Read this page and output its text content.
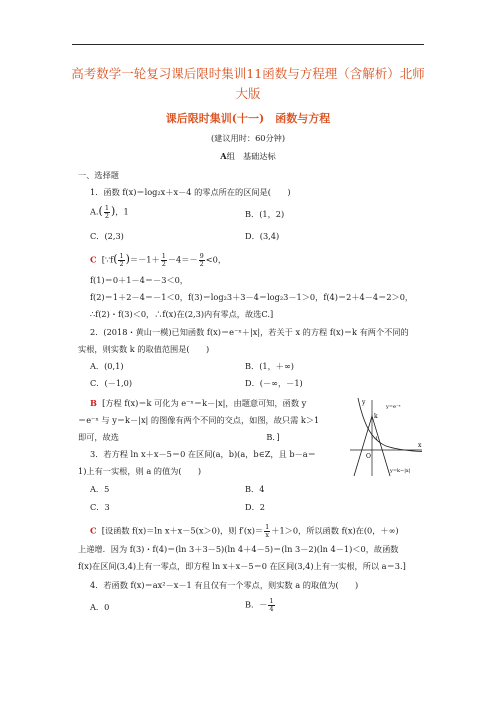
高考数学一轮复习课后限时集训11函数与方程理（含解析）北师
大版
课后限时集训(十一)　函数与方程
(建议用时：60分钟)
A组　基础达标
一、选择题
1．函数 f(x)＝log₂x＋x－4 的零点所在的区间是(　　)
$A.( \frac{1}{2}$ )，1	B．(1，2)
C．(2,3)	D．(3,4)
C [∵f( $\frac{1}{2} )=-1+ \frac{1}{2} -4=- \frac{9}{2} <0$，
f(1)＝0＋1－4＝－3＜0，
f(2)＝1＋2－4＝－1＜0，f(3)＝log₂3＋3－4＝log₂3－1＞0，f(4)＝2＋4－4＝2＞0，
∴f(2)・f(3)＜0，∴f(x)在(2,3)内有零点，故选C.]
2．(2018・黄山一模)已知函数 f(x)＝e⁻ˣ＋|x|，若关于 x 的方程 f(x)＝k 有两个不同的
实根，则实数 k 的取值范围是(　　)
A．(0,1)	B．(1，＋∞)
C．(－1,0)	D．(－∞，－1)
B [方程 f(x)＝k 可化为 e⁻ˣ＝k－|x|，由题意可知，函数 y
＝e⁻ˣ 与 y＝k－|x| 的图像有两个不同的交点，如图，故只需 k＞1
即可，故选　　　　　　　　　　　　　　　　　　B．]
y
x
O
k
1
y=e⁻ˣ
y=k−|x|
3．若方程 ln x＋x－5＝0 在区间(a，b)(a，b∈Z，且 b－a＝
1)上有一实根，则 a 的值为(　　)
A．5	B．4
C．3	D．2
C [设函数 f(x)＝ln x＋x－5(x＞0)，则 $f'(x)= \frac{1}{x} +1>0$，所以函数 f(x)在(0，＋∞)
上递增．因为 f(3)・f(4)＝(ln 3＋3－5)(ln 4＋4－5)＝(ln 3－2)(ln 4－1)＜0，故函数
f(x)在区间(3,4)上有一零点，即方程 ln x＋x－5＝0 在区间(3,4)上有一实根，所以 a＝3.]
4．若函数 f(x)＝ax²－x－1 有且仅有一个零点，则实数 a 的取值为(　　)
A．0	B．－ $\frac{1}{4}$
